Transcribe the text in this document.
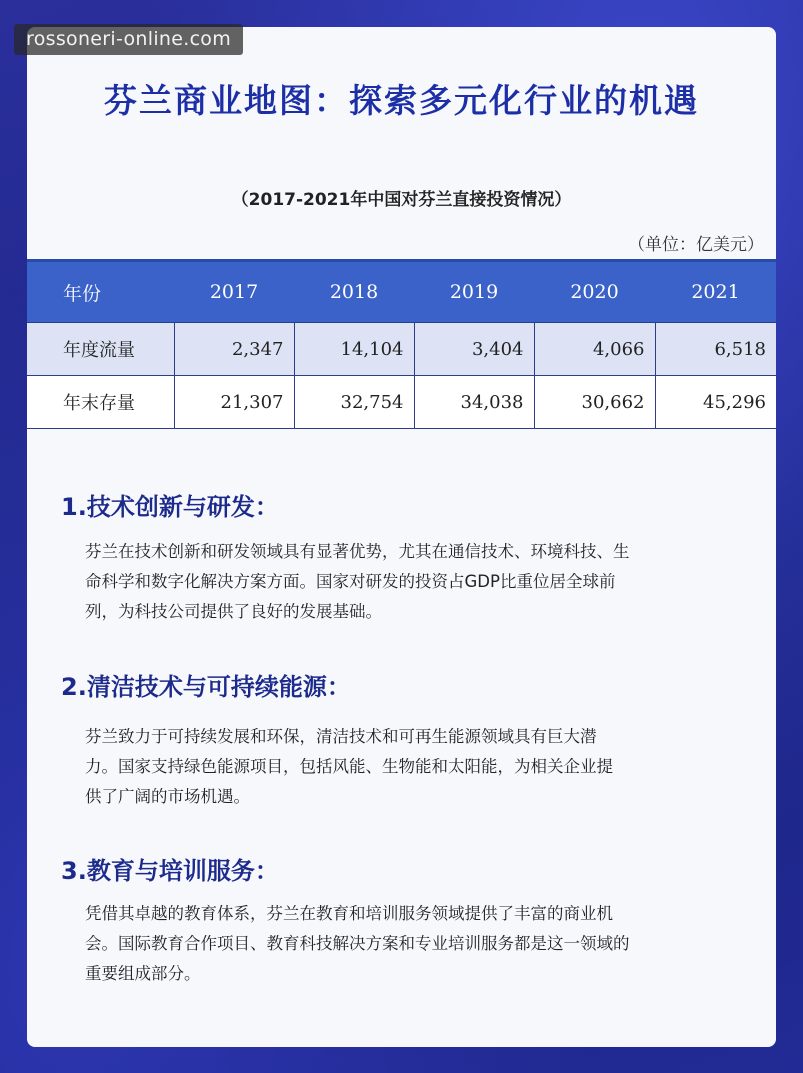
rossoneri-online.com
芬兰商业地图：探索多元化行业的机遇
（2017-2021年中国对芬兰直接投资情况）
（单位：亿美元）
年份	2017	2018	2019	2020	2021
年度流量	2,347	14,104	3,404	4,066	6,518
年末存量	21,307	32,754	34,038	30,662	45,296
1.技术创新与研发：
芬兰在技术创新和研发领域具有显著优势，尤其在通信技术、环境科技、生
命科学和数字化解决方案方面。国家对研发的投资占GDP比重位居全球前
列，为科技公司提供了良好的发展基础。
2.清洁技术与可持续能源：
芬兰致力于可持续发展和环保，清洁技术和可再生能源领域具有巨大潜
力。国家支持绿色能源项目，包括风能、生物能和太阳能，为相关企业提
供了广阔的市场机遇。
3.教育与培训服务：
凭借其卓越的教育体系，芬兰在教育和培训服务领域提供了丰富的商业机
会。国际教育合作项目、教育科技解决方案和专业培训服务都是这一领域的
重要组成部分。
